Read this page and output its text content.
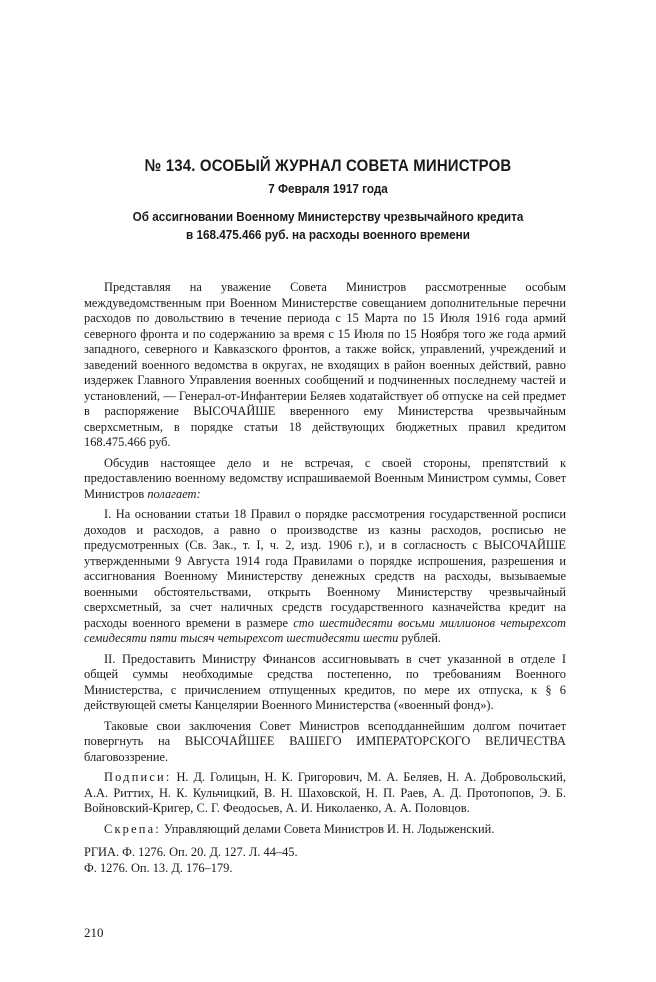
№ 134. ОСОБЫЙ ЖУРНАЛ СОВЕТА МИНИСТРОВ
7 Февраля 1917 года
Об ассигновании Военному Министерству чрезвычайного кредита
в 168.475.466 руб. на расходы военного времени

Представляя на уважение Совета Министров рассмотренные особым междуведомственным при Военном Министерстве совещанием дополнительные перечни расходов по довольствию в течение периода с 15 Марта по 15 Июля 1916 года армий северного фронта и по содержанию за время с 15 Июля по 15 Ноября того же года армий западного, северного и Кавказского фронтов, а также войск, управлений, учреждений и заведений военного ведомства в округах, не входящих в район военных действий, равно издержек Главного Управления военных сообщений и подчиненных последнему частей и установлений, — Генерал-от-Инфантерии Беляев ходатайствует об отпуске на сей предмет в распоряжение ВЫСОЧАЙШЕ вверенного ему Министерства чрезвычайным сверхсметным, в порядке статьи 18 действующих бюджетных правил кредитом 168.475.466 руб.

Обсудив настоящее дело и не встречая, с своей стороны, препятствий к предоставлению военному ведомству испрашиваемой Военным Министром суммы, Совет Министров полагает:

I. На основании статьи 18 Правил о порядке рассмотрения государственной росписи доходов и расходов, а равно о производстве из казны расходов, росписью не предусмотренных (Св. Зак., т. I, ч. 2, изд. 1906 г.), и в согласность с ВЫСОЧАЙШЕ утвержденными 9 Августа 1914 года Правилами о порядке испрошения, разрешения и ассигнования Военному Министерству денежных средств на расходы, вызываемые военными обстоятельствами, открыть Военному Министерству чрезвычайный сверхсметный, за счет наличных средств государственного казначейства кредит на расходы военного времени в размере сто шестидесяти восьми миллионов четырехсот семидесяти пяти тысяч четырехсот шестидесяти шести рублей.

II. Предоставить Министру Финансов ассигновывать в счет указанной в отделе I общей суммы необходимые средства постепенно, по требованиям Военного Министерства, с причислением отпущенных кредитов, по мере их отпуска, к § 6 действующей сметы Канцелярии Военного Министерства («военный фонд»).

Таковые свои заключения Совет Министров всеподданнейшим долгом почитает повергнуть на ВЫСОЧАЙШЕЕ ВАШЕГО ИМПЕРАТОРСКОГО ВЕЛИЧЕСТВА благовоззрение.

Подписи: Н. Д. Голицын, Н. К. Григорович, М. А. Беляев, Н. А. Добровольский, А.А. Риттих, Н. К. Кульчицкий, В. Н. Шаховской, Н. П. Раев, А. Д. Протопопов, Э. Б. Войновский-Кригер, С. Г. Феодосьев, А. И. Николаенко, А. А. Половцов.

Скрепа: Управляющий делами Совета Министров И. Н. Лодыженский.

РГИА. Ф. 1276. Оп. 20. Д. 127. Л. 44–45.
Ф. 1276. Оп. 13. Д. 176–179.
210
